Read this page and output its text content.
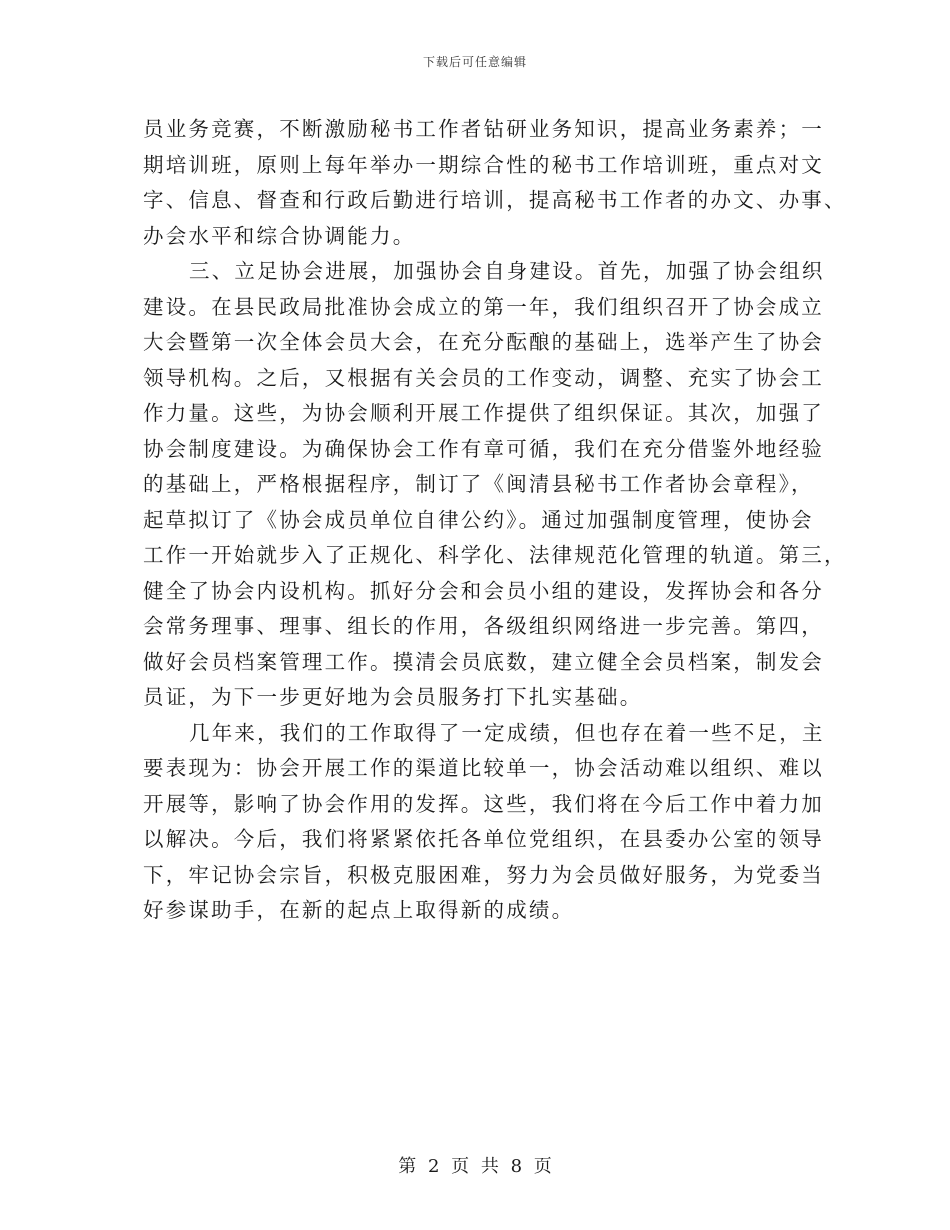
下载后可任意编辑
员业务竞赛，不断激励秘书工作者钻研业务知识，提高业务素养；一
期培训班，原则上每年举办一期综合性的秘书工作培训班，重点对文
字、信息、督查和行政后勤进行培训，提高秘书工作者的办文、办事、
办会水平和综合协调能力。
三、立足协会进展，加强协会自身建设。首先，加强了协会组织
建设。在县民政局批准协会成立的第一年，我们组织召开了协会成立
大会暨第一次全体会员大会，在充分酝酿的基础上，选举产生了协会
领导机构。之后，又根据有关会员的工作变动，调整、充实了协会工
作力量。这些，为协会顺利开展工作提供了组织保证。其次，加强了
协会制度建设。为确保协会工作有章可循，我们在充分借鉴外地经验
的基础上，严格根据程序，制订了《闽清县秘书工作者协会章程》，
起草拟订了《协会成员单位自律公约》。通过加强制度管理，使协会
工作一开始就步入了正规化、科学化、法律规范化管理的轨道。第三，
健全了协会内设机构。抓好分会和会员小组的建设，发挥协会和各分
会常务理事、理事、组长的作用，各级组织网络进一步完善。第四，
做好会员档案管理工作。摸清会员底数，建立健全会员档案，制发会
员证，为下一步更好地为会员服务打下扎实基础。
几年来，我们的工作取得了一定成绩，但也存在着一些不足，主
要表现为：协会开展工作的渠道比较单一，协会活动难以组织、难以
开展等，影响了协会作用的发挥。这些，我们将在今后工作中着力加
以解决。今后，我们将紧紧依托各单位党组织，在县委办公室的领导
下，牢记协会宗旨，积极克服困难，努力为会员做好服务，为党委当
好参谋助手，在新的起点上取得新的成绩。
第 2 页 共 8 页
